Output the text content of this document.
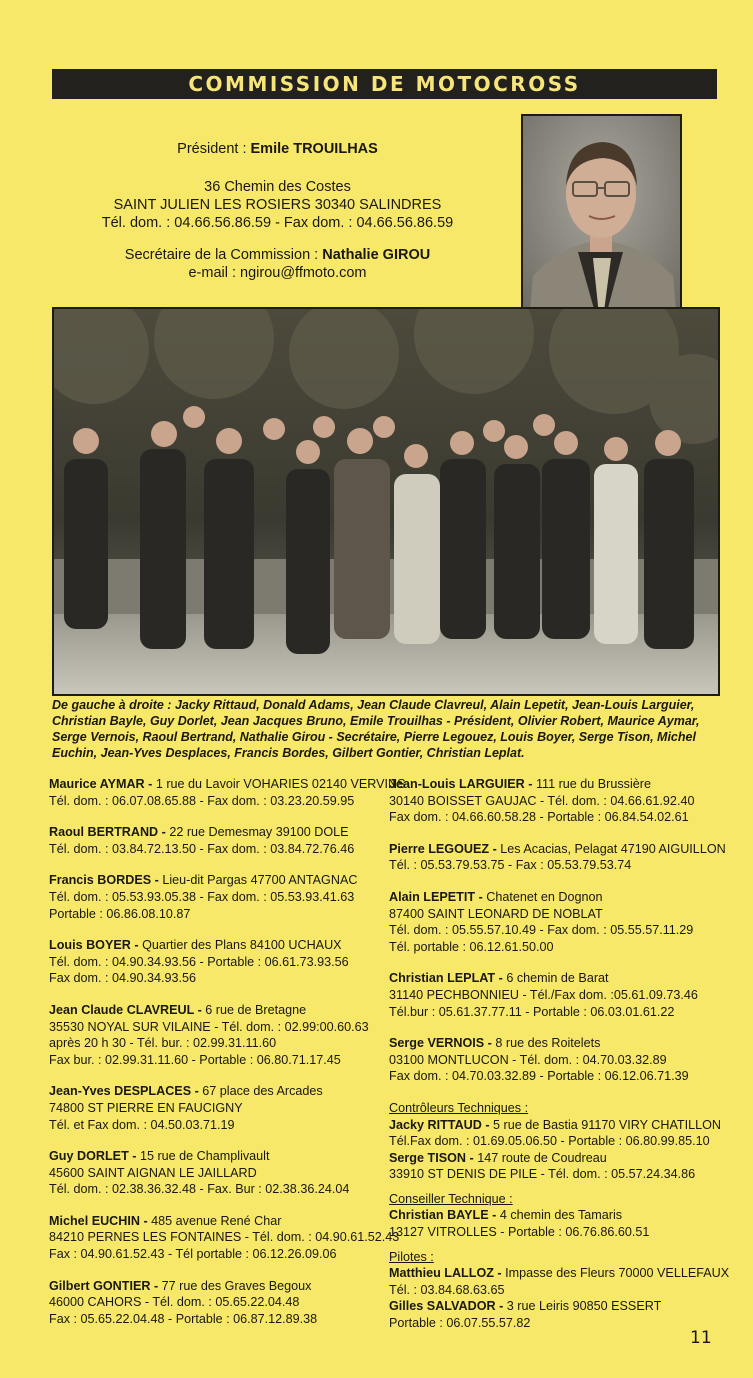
COMMISSION DE MOTOCROSS

Président : Emile TROUILHAS

36 Chemin des Costes

SAINT JULIEN LES ROSIERS 30340 SALINDRES

Tél. dom. : 04.66.56.86.59 - Fax dom. : 04.66.56.86.59

Secrétaire de la Commission : Nathalie GIROU

e-mail : ngirou@ffmoto.com

De gauche à droite : Jacky Rittaud, Donald Adams, Jean Claude Clavreul, Alain Lepetit, Jean-Louis Larguier, Christian Bayle, Guy Dorlet, Jean Jacques Bruno, Emile Trouilhas - Président, Olivier Robert, Maurice Aymar, Serge Vernois, Raoul Bertrand, Nathalie Girou - Secrétaire, Pierre Legouez, Louis Boyer, Serge Tison, Michel Euchin, Jean-Yves Desplaces, Francis Bordes, Gilbert Gontier, Christian Leplat.
Maurice AYMAR - 1 rue du Lavoir VOHARIES 02140 VERVINS
Tél. dom. : 06.07.08.65.88 - Fax dom. : 03.23.20.59.95
Raoul BERTRAND - 22 rue Demesmay 39100 DOLE
Tél. dom. : 03.84.72.13.50 - Fax dom. : 03.84.72.76.46
Francis BORDES - Lieu-dit Pargas 47700 ANTAGNAC
Tél. dom. : 05.53.93.05.38 - Fax dom. : 05.53.93.41.63
Portable : 06.86.08.10.87
Louis BOYER - Quartier des Plans 84100 UCHAUX
Tél. dom. : 04.90.34.93.56 - Portable : 06.61.73.93.56
Fax dom. : 04.90.34.93.56
Jean Claude CLAVREUL - 6 rue de Bretagne
35530 NOYAL SUR VILAINE - Tél. dom. : 02.99:00.60.63
après 20 h 30 - Tél. bur. : 02.99.31.11.60
Fax bur. : 02.99.31.11.60 - Portable : 06.80.71.17.45
Jean-Yves DESPLACES - 67 place des Arcades
74800 ST PIERRE EN FAUCIGNY
Tél. et Fax dom. : 04.50.03.71.19
Guy DORLET - 15 rue de Champlivault
45600 SAINT AIGNAN LE JAILLARD
Tél. dom. : 02.38.36.32.48 - Fax. Bur : 02.38.36.24.04
Michel EUCHIN - 485 avenue René Char
84210 PERNES LES FONTAINES - Tél. dom. : 04.90.61.52.43
Fax : 04.90.61.52.43 - Tél portable : 06.12.26.09.06
Gilbert GONTIER - 77 rue des Graves Begoux
46000 CAHORS - Tél. dom. : 05.65.22.04.48
Fax : 05.65.22.04.48 - Portable : 06.87.12.89.38
Jean-Louis LARGUIER - 111 rue du Brussière
30140 BOISSET GAUJAC - Tél. dom. : 04.66.61.92.40
Fax dom. : 04.66.60.58.28 - Portable : 06.84.54.02.61
Pierre LEGOUEZ - Les Acacias, Pelagat 47190 AIGUILLON
Tél. : 05.53.79.53.75 - Fax : 05.53.79.53.74
Alain LEPETIT - Chatenet en Dognon
87400 SAINT LEONARD DE NOBLAT
Tél. dom. : 05.55.57.10.49 - Fax dom. : 05.55.57.11.29
Tél. portable : 06.12.61.50.00
Christian LEPLAT - 6 chemin de Barat
31140 PECHBONNIEU - Tél./Fax dom. :05.61.09.73.46
Tél.bur : 05.61.37.77.11 - Portable : 06.03.01.61.22
Serge VERNOIS - 8 rue des Roitelets
03100 MONTLUCON - Tél. dom. : 04.70.03.32.89
Fax dom. : 04.70.03.32.89 - Portable : 06.12.06.71.39
Contrôleurs Techniques :
Jacky RITTAUD - 5 rue de Bastia 91170 VIRY CHATILLON
Tél.Fax dom. : 01.69.05.06.50 - Portable : 06.80.99.85.10
Serge TISON - 147 route de Coudreau
33910 ST DENIS DE PILE - Tél. dom. : 05.57.24.34.86
Conseiller Technique :
Christian BAYLE - 4 chemin des Tamaris
13127 VITROLLES - Portable : 06.76.86.60.51
Pilotes :
Matthieu LALLOZ - Impasse des Fleurs 70000 VELLEFAUX
Tél. : 03.84.68.63.65
Gilles SALVADOR - 3 rue Leiris 90850 ESSERT
Portable : 06.07.55.57.82
11
